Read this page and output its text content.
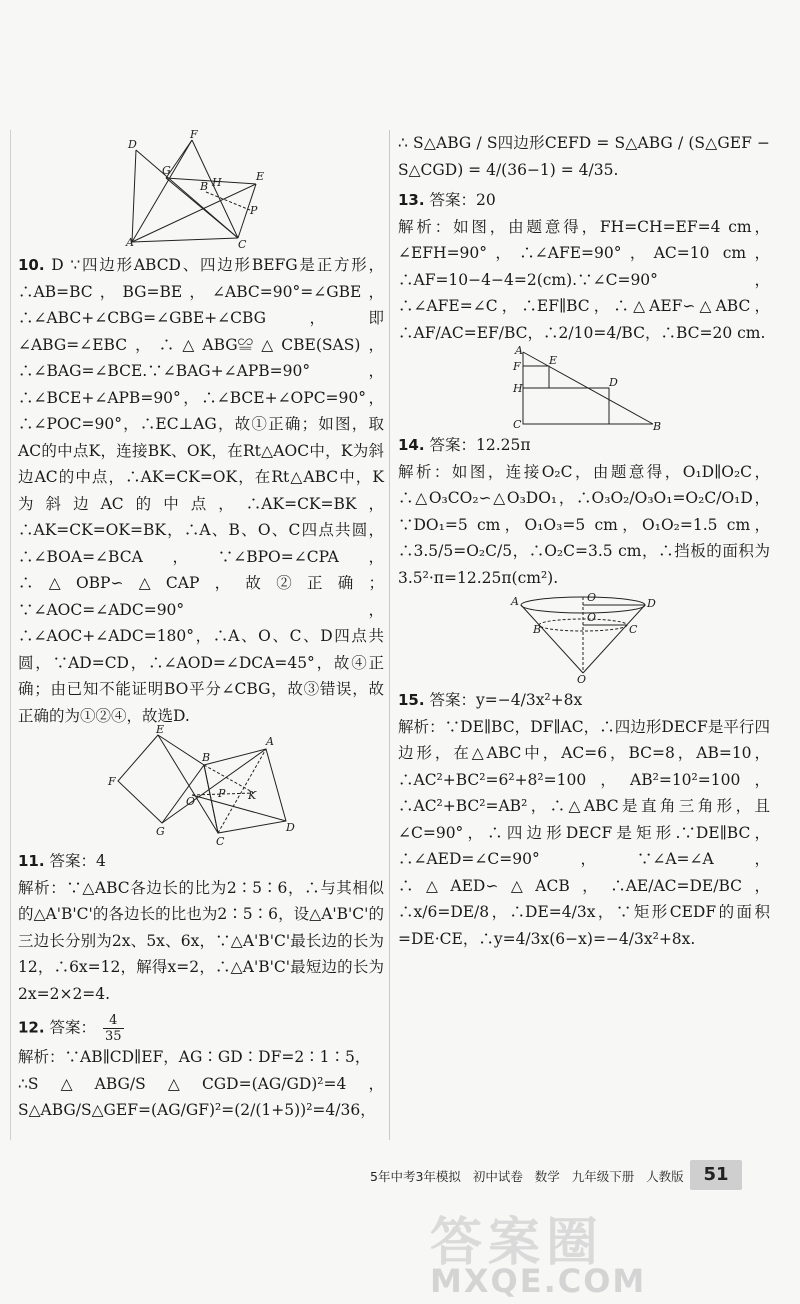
D
F
G
B H	E
P
A	C

10. D ∵四边形ABCD、四边形BEFG是正方形，∴AB=BC，BG=BE，∠ABC=90°=∠GBE，∴∠ABC+∠CBG=∠GBE+∠CBG，即∠ABG=∠EBC，∴△ABG≌△CBE(SAS)，∴∠BAG=∠BCE.∵∠BAG+∠APB=90°，∴∠BCE+∠APB=90°，∴∠BCE+∠OPC=90°，∴∠POC=90°，∴EC⊥AG，故①正确；如图，取AC的中点K，连接BK、OK，在Rt△AOC中，K为斜边AC的中点，∴AK=CK=OK，在Rt△ABC中，K为斜边AC的中点，∴AK=CK=BK，∴AK=CK=OK=BK，∴A、B、O、C四点共圆，∴∠BOA=∠BCA，∵∠BPO=∠CPA，∴△OBP∽△CAP，故②正确；∵∠AOC=∠ADC=90°，∴∠AOC+∠ADC=180°，∴A、O、C、D四点共圆，∵AD=CD，∴∠AOD=∠DCA=45°，故④正确；由已知不能证明BO平分∠CBG，故③错误，故正确的为①②④，故选D.

E
F
G
B
A
O
P K
C
D

11. 答案：4

解析：∵△ABC各边长的比为2∶5∶6，∴与其相似的△A'B'C'的各边长的比也为2∶5∶6，设△A'B'C'的三边长分别为2x、5x、6x，∵△A'B'C'最长边的长为12，∴6x=12，解得x=2，∴△A'B'C'最短边的长为2x=2×2=4.

12. 答案： $\frac{4}{35}$

解析：∵AB∥CD∥EF，AG∶GD∶DF=2∶1∶5，

∴S△ABG/S△CGD=(AG/GD)²=4，S△ABG/S△GEF=(AG/GF)²=(2/(1+5))²=4/36，

∴ S△ABG / S四边形CEFD = S△ABG / (S△GEF − S△CGD) = 4/(36−1) = 4/35.

13. 答案：20

解析：如图，由题意得，FH=CH=EF=4 cm，∠EFH=90°，∴∠AFE=90°，AC=10 cm，∴AF=10−4−4=2(cm).∵∠C=90°，∴∠AFE=∠C，∴EF∥BC，∴△AEF∽△ABC，∴AF/AC=EF/BC，∴2/10=4/BC，∴BC=20 cm.

A
F	E
H	D
C	B

14. 答案：12.25π

解析：如图，连接O₂C，由题意得，O₁D∥O₂C，∴△O₃CO₂∽△O₃DO₁，∴O₃O₂/O₃O₁=O₂C/O₁D，∵DO₁=5 cm，O₁O₃=5 cm，O₁O₂=1.5 cm，∴3.5/5=O₂C/5，∴O₂C=3.5 cm，∴挡板的面积为3.5²·π=12.25π(cm²).

A	O	D
O
B	C
O

15. 答案：y=−4/3x²+8x

解析：∵DE∥BC，DF∥AC，∴四边形DECF是平行四边形，在△ABC中，AC=6，BC=8，AB=10，∴AC²+BC²=6²+8²=100，AB²=10²=100，∴AC²+BC²=AB²，∴△ABC是直角三角形，且∠C=90°，∴四边形DECF是矩形.∵DE∥BC，∴∠AED=∠C=90°，∵∠A=∠A，∴△AED∽△ACB，∴AE/AC=DE/BC，∴x/6=DE/8，∴DE=4/3x，∵矩形CEDF的面积=DE·CE，∴y=4/3x(6−x)=−4/3x²+8x.

5年中考3年模拟 初中试卷 数学 九年级下册 人教版	51
答案圈
MXQE.COM
